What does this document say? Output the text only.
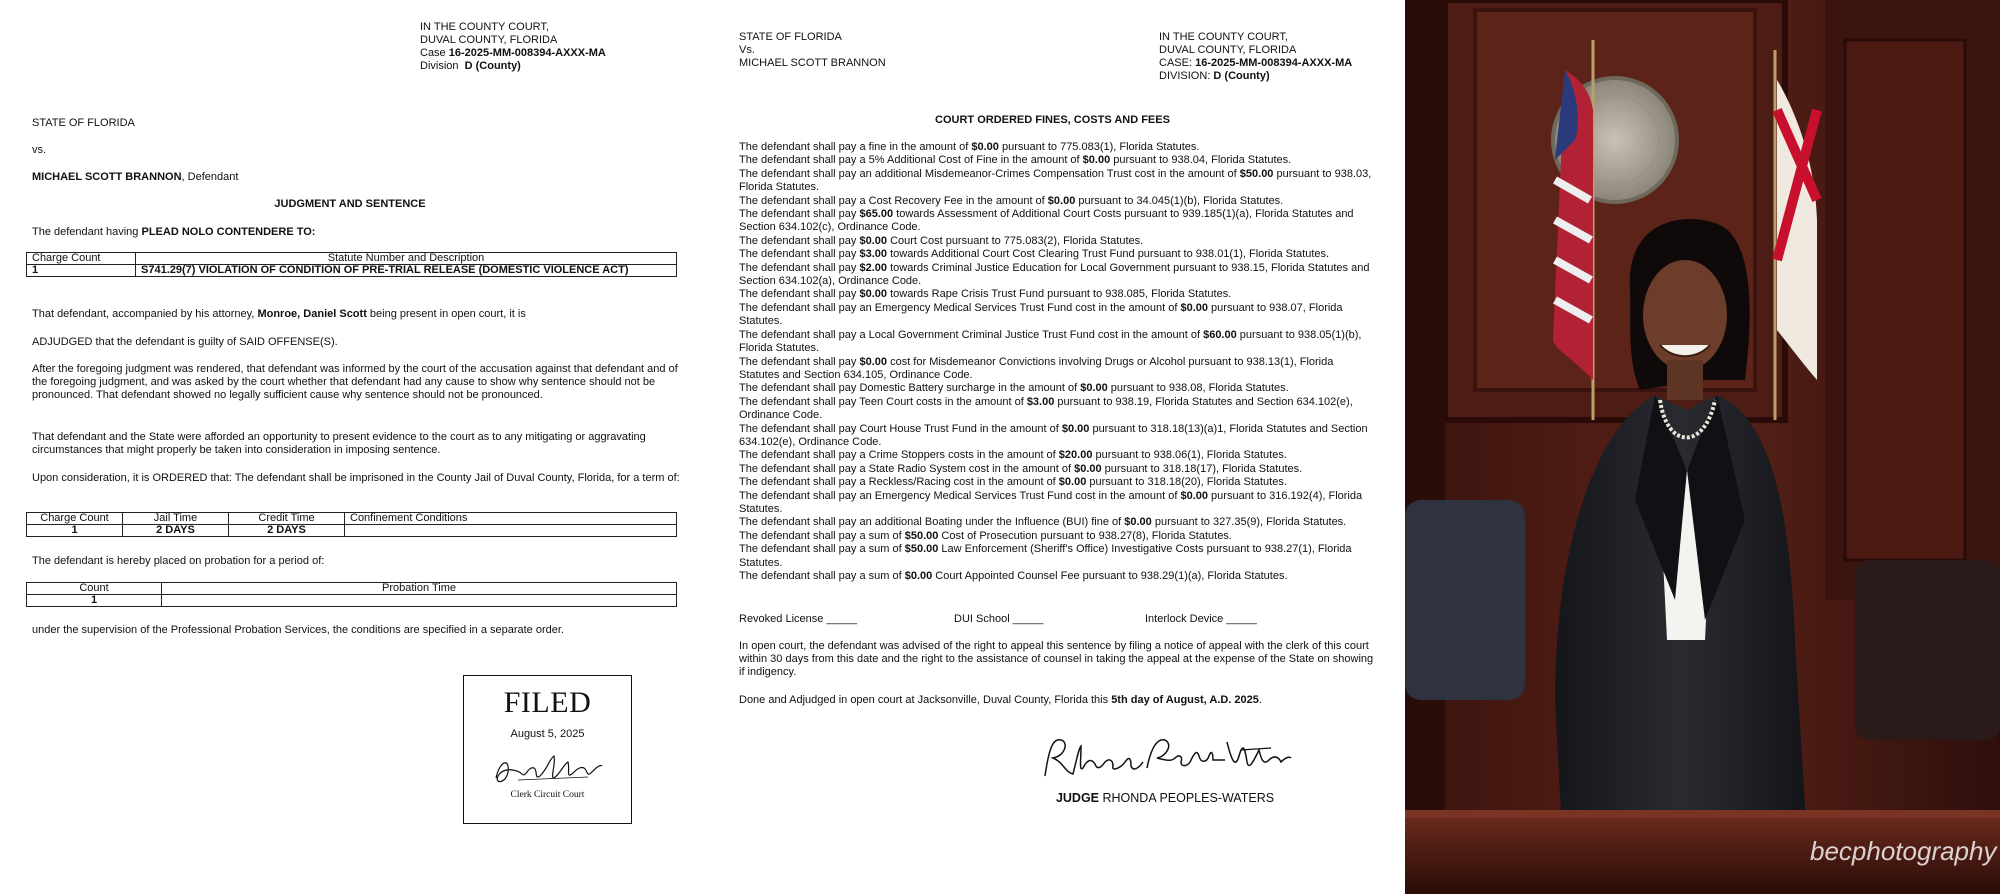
IN THE COUNTY COURT,
DUVAL COUNTY, FLORIDA
Case 16-2025-MM-008394-AXXX-MA
Division D (County)
STATE OF FLORIDA
vs.
MICHAEL SCOTT BRANNON, Defendant
JUDGMENT AND SENTENCE
The defendant having PLEAD NOLO CONTENDERE TO:
Charge Count	Statute Number and Description
1	S741.29(7) VIOLATION OF CONDITION OF PRE-TRIAL RELEASE (DOMESTIC VIOLENCE ACT)
That defendant, accompanied by his attorney, Monroe, Daniel Scott being present in open court, it is
ADJUDGED that the defendant is guilty of SAID OFFENSE(S).
After the foregoing judgment was rendered, that defendant was informed by the court of the accusation against that defendant and of the foregoing judgment, and was asked by the court whether that defendant had any cause to show why sentence should not be pronounced. That defendant showed no legally sufficient cause why sentence should not be pronounced.
That defendant and the State were afforded an opportunity to present evidence to the court as to any mitigating or aggravating circumstances that might properly be taken into consideration in imposing sentence.
Upon consideration, it is ORDERED that: The defendant shall be imprisoned in the County Jail of Duval County, Florida, for a term of:
Charge Count	Jail Time	Credit Time	Confinement Conditions
1	2 DAYS	2 DAYS	
The defendant is hereby placed on probation for a period of:
Count	Probation Time
1	
under the supervision of the Professional Probation Services, the conditions are specified in a separate order.
FILED
August 5, 2025
Clerk Circuit Court
STATE OF FLORIDA
Vs.
MICHAEL SCOTT BRANNON
IN THE COUNTY COURT,
DUVAL COUNTY, FLORIDA
CASE: 16-2025-MM-008394-AXXX-MA
DIVISION: D (County)
COURT ORDERED FINES, COSTS AND FEES
The defendant shall pay a fine in the amount of $0.00 pursuant to 775.083(1), Florida Statutes.
The defendant shall pay a 5% Additional Cost of Fine in the amount of $0.00 pursuant to 938.04, Florida Statutes.
The defendant shall pay an additional Misdemeanor-Crimes Compensation Trust cost in the amount of $50.00 pursuant to 938.03, Florida Statutes.
The defendant shall pay a Cost Recovery Fee in the amount of $0.00 pursuant to 34.045(1)(b), Florida Statutes.
The defendant shall pay $65.00 towards Assessment of Additional Court Costs pursuant to 939.185(1)(a), Florida Statutes and Section 634.102(c), Ordinance Code.
The defendant shall pay $0.00 Court Cost pursuant to 775.083(2), Florida Statutes.
The defendant shall pay $3.00 towards Additional Court Cost Clearing Trust Fund pursuant to 938.01(1), Florida Statutes.
The defendant shall pay $2.00 towards Criminal Justice Education for Local Government pursuant to 938.15, Florida Statutes and Section 634.102(a), Ordinance Code.
The defendant shall pay $0.00 towards Rape Crisis Trust Fund pursuant to 938.085, Florida Statutes.
The defendant shall pay an Emergency Medical Services Trust Fund cost in the amount of $0.00 pursuant to 938.07, Florida Statutes.
The defendant shall pay a Local Government Criminal Justice Trust Fund cost in the amount of $60.00 pursuant to 938.05(1)(b), Florida Statutes.
The defendant shall pay $0.00 cost for Misdemeanor Convictions involving Drugs or Alcohol pursuant to 938.13(1), Florida Statutes and Section 634.105, Ordinance Code.
The defendant shall pay Domestic Battery surcharge in the amount of $0.00 pursuant to 938.08, Florida Statutes.
The defendant shall pay Teen Court costs in the amount of $3.00 pursuant to 938.19, Florida Statutes and Section 634.102(e), Ordinance Code.
The defendant shall pay Court House Trust Fund in the amount of $0.00 pursuant to 318.18(13)(a)1, Florida Statutes and Section 634.102(e), Ordinance Code.
The defendant shall pay a Crime Stoppers costs in the amount of $20.00 pursuant to 938.06(1), Florida Statutes.
The defendant shall pay a State Radio System cost in the amount of $0.00 pursuant to 318.18(17), Florida Statutes.
The defendant shall pay a Reckless/Racing cost in the amount of $0.00 pursuant to 318.18(20), Florida Statutes.
The defendant shall pay an Emergency Medical Services Trust Fund cost in the amount of $0.00 pursuant to 316.192(4), Florida Statutes.
The defendant shall pay an additional Boating under the Influence (BUI) fine of $0.00 pursuant to 327.35(9), Florida Statutes.
The defendant shall pay a sum of $50.00 Cost of Prosecution pursuant to 938.27(8), Florida Statutes.
The defendant shall pay a sum of $50.00 Law Enforcement (Sheriff's Office) Investigative Costs pursuant to 938.27(1), Florida Statutes.
The defendant shall pay a sum of $0.00 Court Appointed Counsel Fee pursuant to 938.29(1)(a), Florida Statutes.
Revoked License _____	DUI School _____	Interlock Device _____
In open court, the defendant was advised of the right to appeal this sentence by filing a notice of appeal with the clerk of this court within 30 days from this date and the right to the assistance of counsel in taking the appeal at the expense of the State on showing if indigency.
Done and Adjudged in open court at Jacksonville, Duval County, Florida this 5th day of August, A.D. 2025.
JUDGE RHONDA PEOPLES-WATERS
becphotography
